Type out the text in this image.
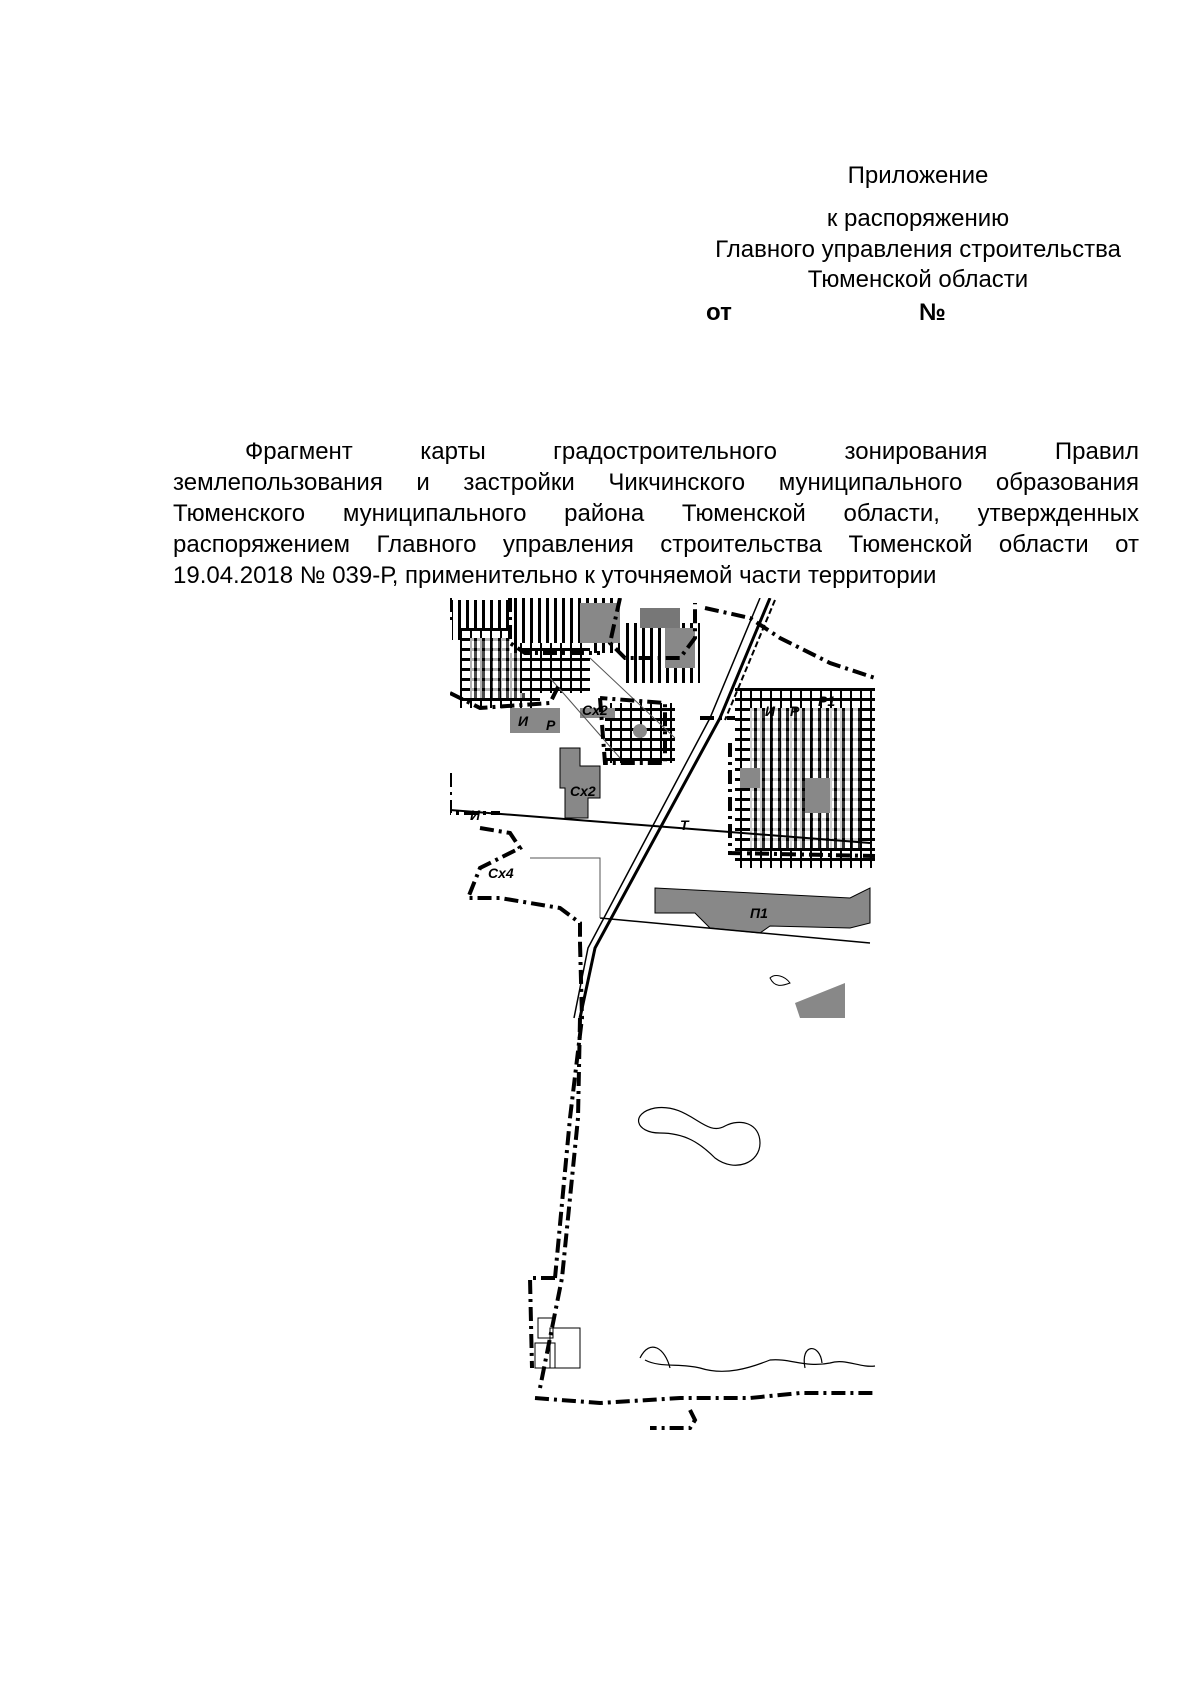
Приложение
к распоряжению
Главного управления строительства
Тюменской области
от	№
Фрагмент карты градостроительного зонирования Правил
землепользования и застройки Чикчинского муниципального образования
Тюменского муниципального района Тюменской области, утвержденных
распоряжением Главного управления строительства Тюменской области от
19.04.2018 № 039-Р, применительно к уточняемой части территории
Сх2
И Р
Сх2
И
Сх4
П1
Р1
Р
И
Т
